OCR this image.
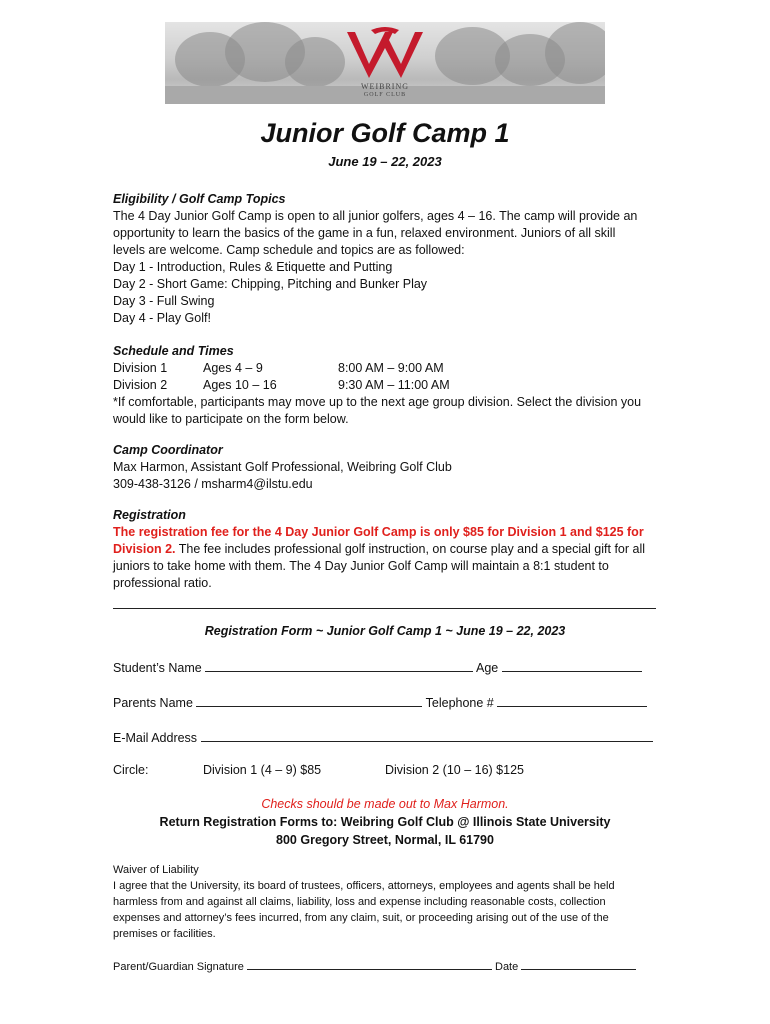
WEIBRING
GOLF CLUB
Junior Golf Camp 1
June 19 – 22, 2023
Eligibility / Golf Camp Topics
The 4 Day Junior Golf Camp is open to all junior golfers, ages 4 – 16. The camp will provide an
opportunity to learn the basics of the game in a fun, relaxed environment. Juniors of all skill
levels are welcome. Camp schedule and topics are as followed:
Day 1 - Introduction, Rules & Etiquette and Putting
Day 2 - Short Game: Chipping, Pitching and Bunker Play
Day 3 - Full Swing
Day 4 - Play Golf!
Schedule and Times
Division 1	Ages 4 – 9	8:00 AM – 9:00 AM
Division 2	Ages 10 – 16	9:30 AM – 11:00 AM
*If comfortable, participants may move up to the next age group division. Select the division you
would like to participate on the form below.
Camp Coordinator
Max Harmon, Assistant Golf Professional, Weibring Golf Club
309-438-3126 / msharm4@ilstu.edu
Registration
The registration fee for the 4 Day Junior Golf Camp is only $85 for Division 1 and $125 for
Division 2. The fee includes professional golf instruction, on course play and a special gift for all
juniors to take home with them. The 4 Day Junior Golf Camp will maintain a 8:1 student to
professional ratio.
Registration Form ~ Junior Golf Camp 1 ~ June 19 – 22, 2023
Student’s Name	Age
Parents Name	Telephone #
E-Mail Address
Circle:	Division 1 (4 – 9) $85	Division 2 (10 – 16) $125
Checks should be made out to Max Harmon.
Return Registration Forms to: Weibring Golf Club @ Illinois State University
800 Gregory Street, Normal, IL 61790
Waiver of Liability
I agree that the University, its board of trustees, officers, attorneys, employees and agents shall be held
harmless from and against all claims, liability, loss and expense including reasonable costs, collection
expenses and attorney’s fees incurred, from any claim, suit, or proceeding arising out of the use of the
premises or facilities.
Parent/Guardian Signature	Date
